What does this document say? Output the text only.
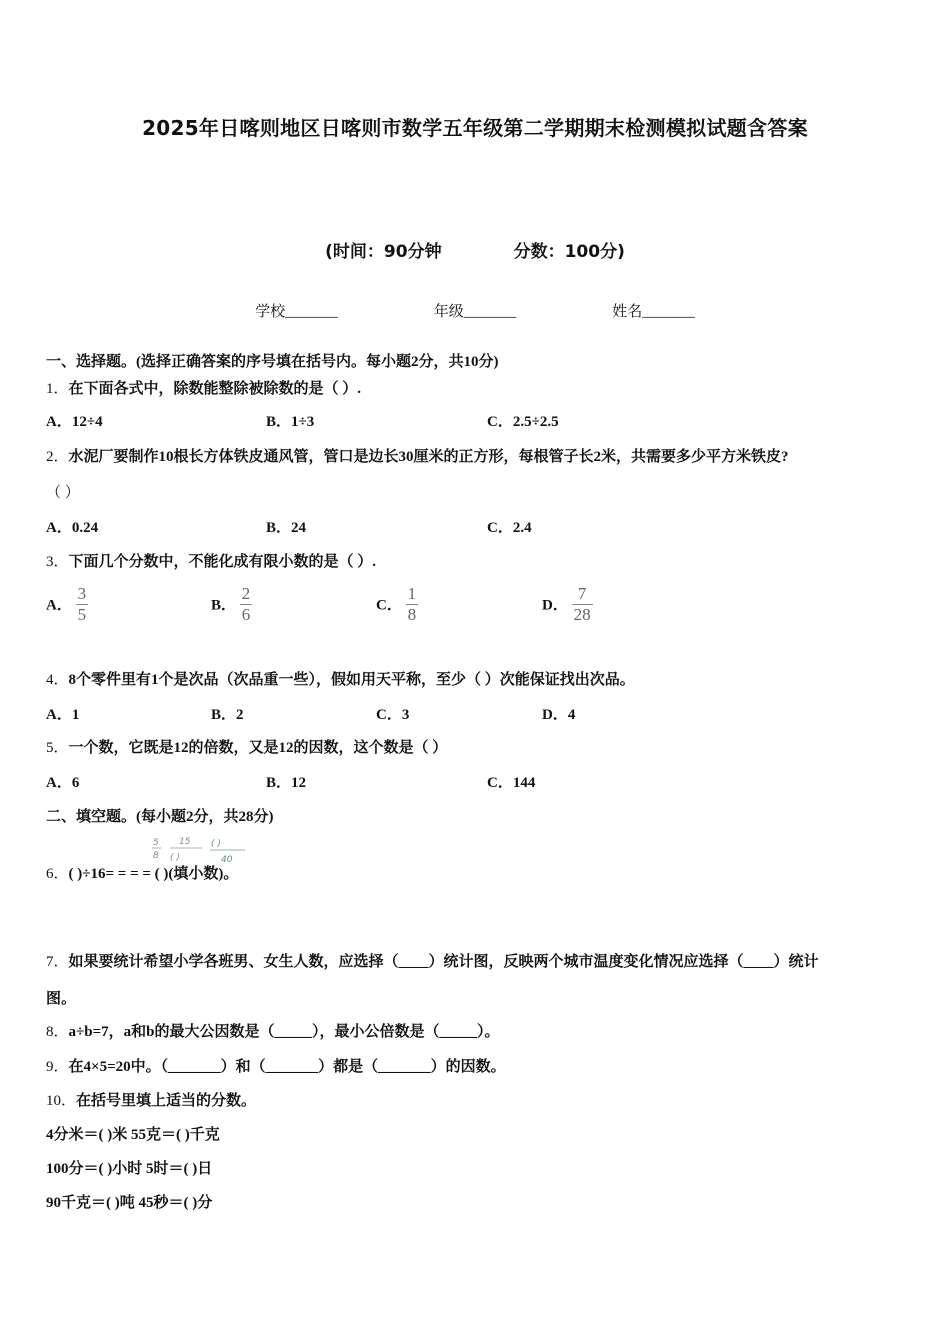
2025年日喀则地区日喀则市数学五年级第二学期期末检测模拟试题含答案
(时间：90分钟	分数：100分)
学校_______	年级_______	姓名_______
一、选择题。(选择正确答案的序号填在括号内。每小题2分，共10分)
1．在下面各式中，除数能整除被除数的是（ ）.
A．12÷4	B．1÷3	C．2.5÷2.5
2．水泥厂要制作10根长方体铁皮通风管，管口是边长30厘米的正方形，每根管子长2米，共需要多少平方米铁皮?
（ ）
A．0.24	B．24	C．2.4
3．下面几个分数中，不能化成有限小数的是（ ）.
A． $\frac{3}{5}$	B． $\frac{2}{6}$	C． $\frac{1}{8}$	D． $\frac{7}{28}$
4．8个零件里有1个是次品（次品重一些），假如用天平称，至少（ ）次能保证找出次品。
A．1	B．2	C．3	D．4
5．一个数，它既是12的倍数，又是12的因数，这个数是（ ）
A．6	B．12	C．144
二、填空题。(每小题2分，共28分)
5
8
15
( )
( )
40
6．( )÷16= = = = ( )(填小数)。
7．如果要统计希望小学各班男、女生人数，应选择（____）统计图，反映两个城市温度变化情况应选择（____）统计
图。
8．a÷b=7，a和b的最大公因数是（_____），最小公倍数是（_____）。
9．在4×5=20中。（_______）和（_______）都是（_______）的因数。
10．在括号里填上适当的分数。
4分米＝( )米 55克＝( )千克
100分＝( )小时 5时＝( )日
90千克＝( )吨 45秒＝( )分
